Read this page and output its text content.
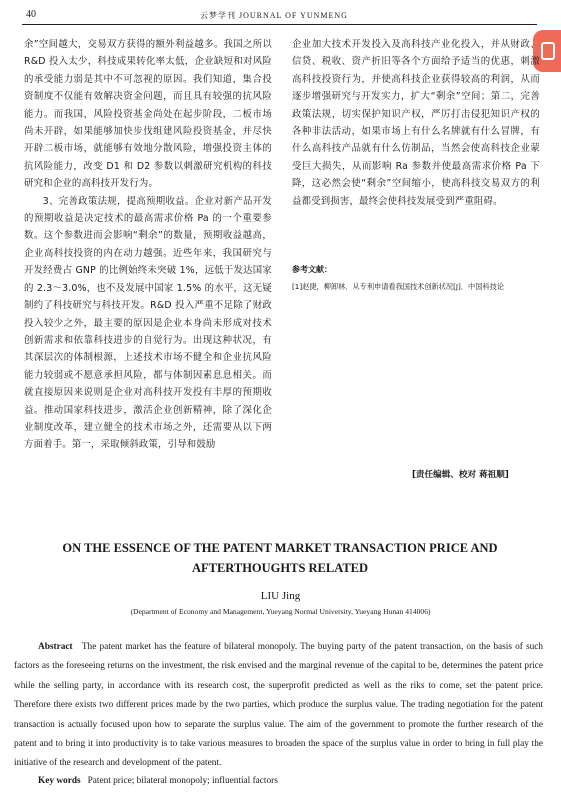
40	云梦学刊 JOURNAL OF YUNMENG

余”空间越大，交易双方获得的额外利益越多。我国之所以 R&D 投入太少，科技成果转化率太低，企业缺短和对风险的承受能力弱是其中不可忽视的原因。我们知道，集合投资制度不仅能有效解决资金问题，而且具有较强的抗风险能力。而我国，风险投资基金尚处在起步阶段，二板市场尚未开辟，如果能够加快步伐组建风险投资基金，并尽快开辟二板市场，就能够有效地分散风险，增强投资主体的抗风险能力，改变 D1 和 D2 参数以刺激研究机构的科技研究和企业的高科技开发行为。

3、完善政策法规，提高预期收益。企业对新产品开发的预期收益是决定技术的最高需求价格 Pa 的一个重要参数。这个参数进而会影响“剩余”的数量，预期收益越高，企业高科技投资的内在动力越强。近些年来，我国研究与开发经费占 GNP 的比例始终未突破 1%，远低于发达国家的 2.3～3.0%，也不及发展中国家 1.5% 的水平，这无疑制约了科技研究与科技开发。R&D 投入严重不足除了财政投入较少之外，最主要的原因是企业本身尚未形成对技术创新需求和依靠科技进步的自觉行为。出现这种状况，有其深层次的体制根源，上述技术市场不健全和企业抗风险能力较弱或不愿意承担风险，都与体制因素息息相关。而就直接原因来说则是企业对高科技开发投有丰厚的预期收益。推动国家科技进步，激活企业创新精神，除了深化企业制度改革，建立健全的技术市场之外，还需要从以下两方面着手。第一，采取倾斜政策，引导和鼓励

企业加大技术开发投入及高科技产业化投入，并从财政、信贷、税收、资产折旧等各个方面给予适当的优惠，刺激高科技投资行为，并使高科技企业获得较高的利润，从而逐步增强研究与开发实力，扩大“剩余”空间；第二，完善政策法规，切实保护知识产权，严厉打击侵犯知识产权的各种非法活动，如果市场上有什么名牌就有什么冒牌，有什么高科技产品就有什么仿制品，当然会使高科技企业蒙受巨大损失，从而影响 Ra 参数并使最高需求价格 Pa 下降，这必然会使“剩余”空间缩小，使高科技交易双方的利益都受到损害，最终会使科技发展受到严重阻碍。

参考文献：
[1]赵捷，柳卸林．从专利申请看我国技术创新状况[J]．中国科技论
[责任编辑、校对 蒋祖顺]
ON THE ESSENCE OF THE PATENT MARKET TRANSACTION PRICE AND
AFTERTHOUGHTS RELATED
LIU Jing
(Department of Economy and Management, Yueyang Normal University, Yueyang Hunan 414006)
Abstract The patent market has the feature of bilateral monopoly. The buying party of the patent transaction, on the basis of such factors as the foreseeing returns on the investment, the risk envised and the marginal revenue of the capital to be, determines the patent price while the selling party, in accordance with its research cost, the superprofit predicted as well as the riks to come, set the patent price. Therefore there exists two different prices made by the two parties, which produce the surplus value. The trading negotiation for the patent transaction is actually focused upon how to separate the surplus value. The aim of the government to promote the further research of the patent and to bring it into productivity is to take various measures to broaden the space of the surplus value in order to bring in full play the initiative of the research and development of the patent.
Key words Patent price; bilateral monopoly; influential factors
